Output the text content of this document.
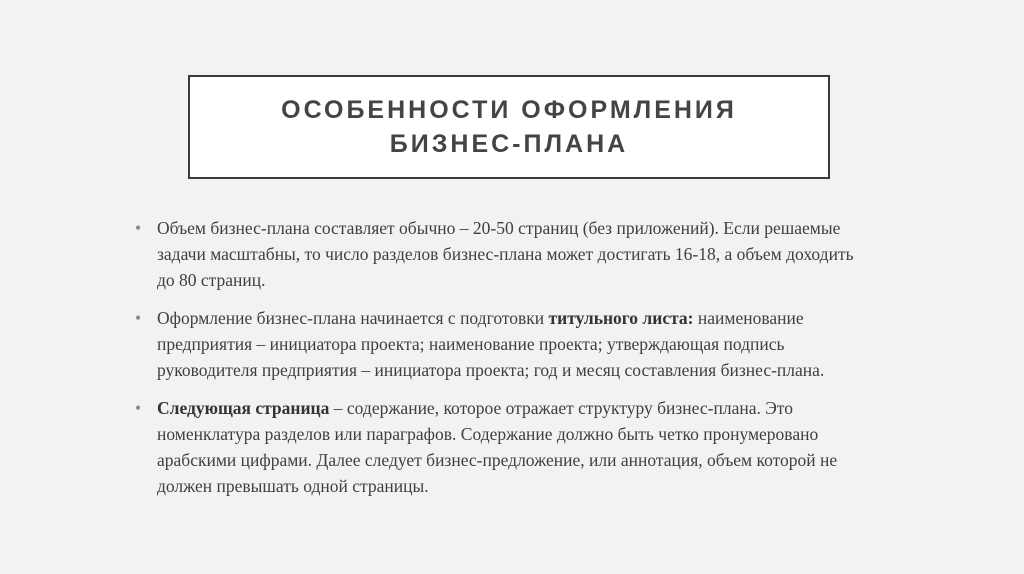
ОСОБЕННОСТИ ОФОРМЛЕНИЯ
БИЗНЕС-ПЛАНА
• Объем бизнес-плана составляет обычно – 20-50 страниц (без приложений). Если решаемые задачи масштабны, то число разделов бизнес-плана может достигать 16-18, а объем доходить до 80 страниц.
• Оформление бизнес-плана начинается с подготовки титульного листа: наименование предприятия – инициатора проекта; наименование проекта; утверждающая подпись руководителя предприятия – инициатора проекта; год и месяц составления бизнес-плана.
• Следующая страница – содержание, которое отражает структуру бизнес-плана. Это номенклатура разделов или параграфов. Содержание должно быть четко пронумеровано арабскими цифрами. Далее следует бизнес-предложение, или аннотация, объем которой не должен превышать одной страницы.
